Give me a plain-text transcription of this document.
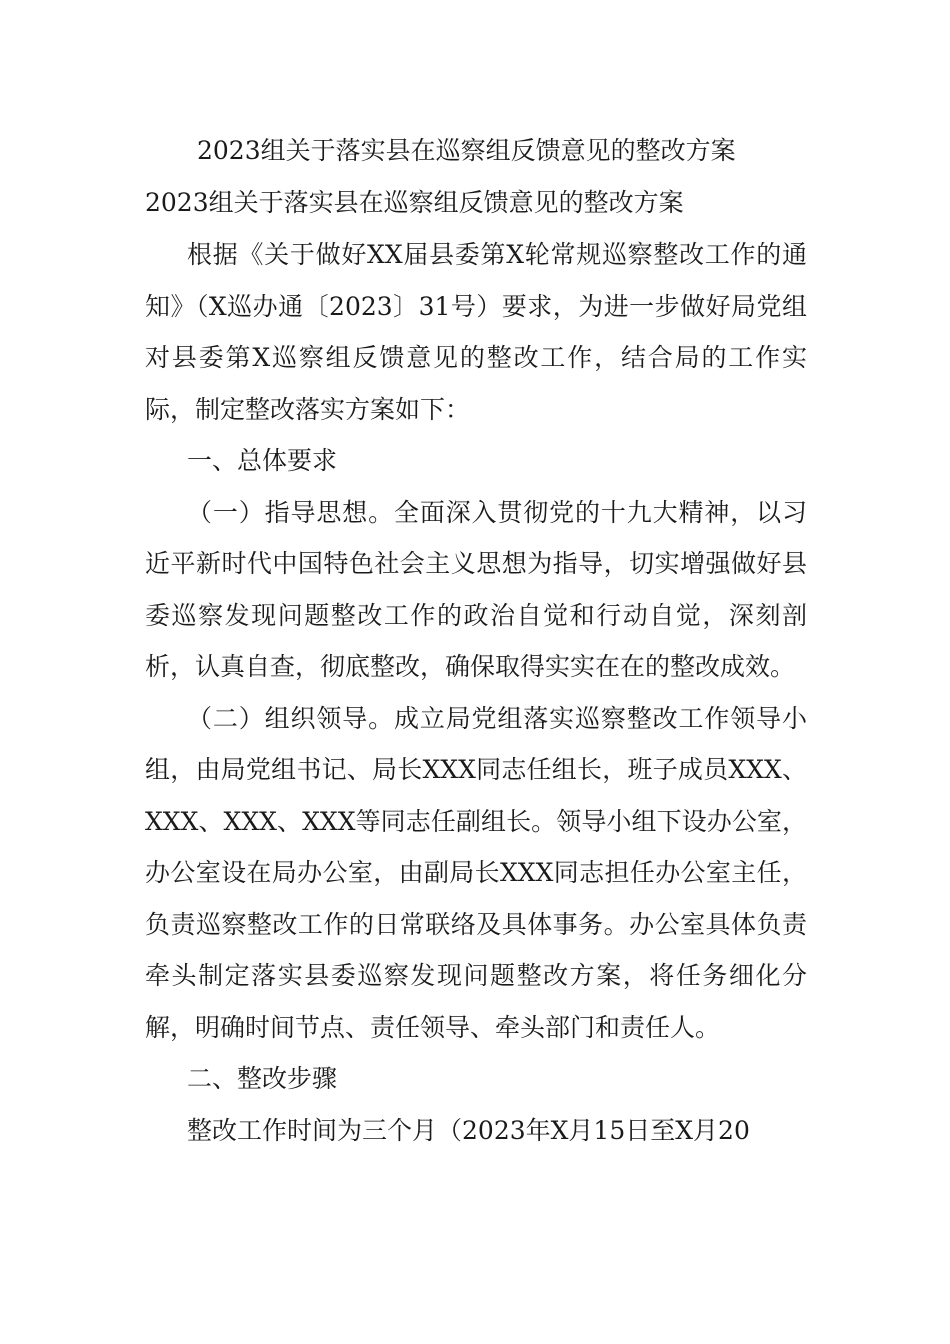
2023组关于落实县在巡察组反馈意见的整改方案
2023组关于落实县在巡察组反馈意见的整改方案

根据《关于做好XX届县委第X轮常规巡察整改工作的通知》（X巡办通〔2023〕31号）要求，为进一步做好局党组对县委第X巡察组反馈意见的整改工作，结合局的工作实际，制定整改落实方案如下：

一、总体要求

（一）指导思想。全面深入贯彻党的十九大精神，以习近平新时代中国特色社会主义思想为指导，切实增强做好县委巡察发现问题整改工作的政治自觉和行动自觉，深刻剖析，认真自查，彻底整改，确保取得实实在在的整改成效。

（二）组织领导。成立局党组落实巡察整改工作领导小组，由局党组书记、局长XXX同志任组长，班子成员XXX、XXX、XXX、XXX等同志任副组长。领导小组下设办公室，办公室设在局办公室，由副局长XXX同志担任办公室主任，负责巡察整改工作的日常联络及具体事务。办公室具体负责牵头制定落实县委巡察发现问题整改方案，将任务细化分解，明确时间节点、责任领导、牵头部门和责任人。

二、整改步骤

整改工作时间为三个月（2023年X月15日至X月20
